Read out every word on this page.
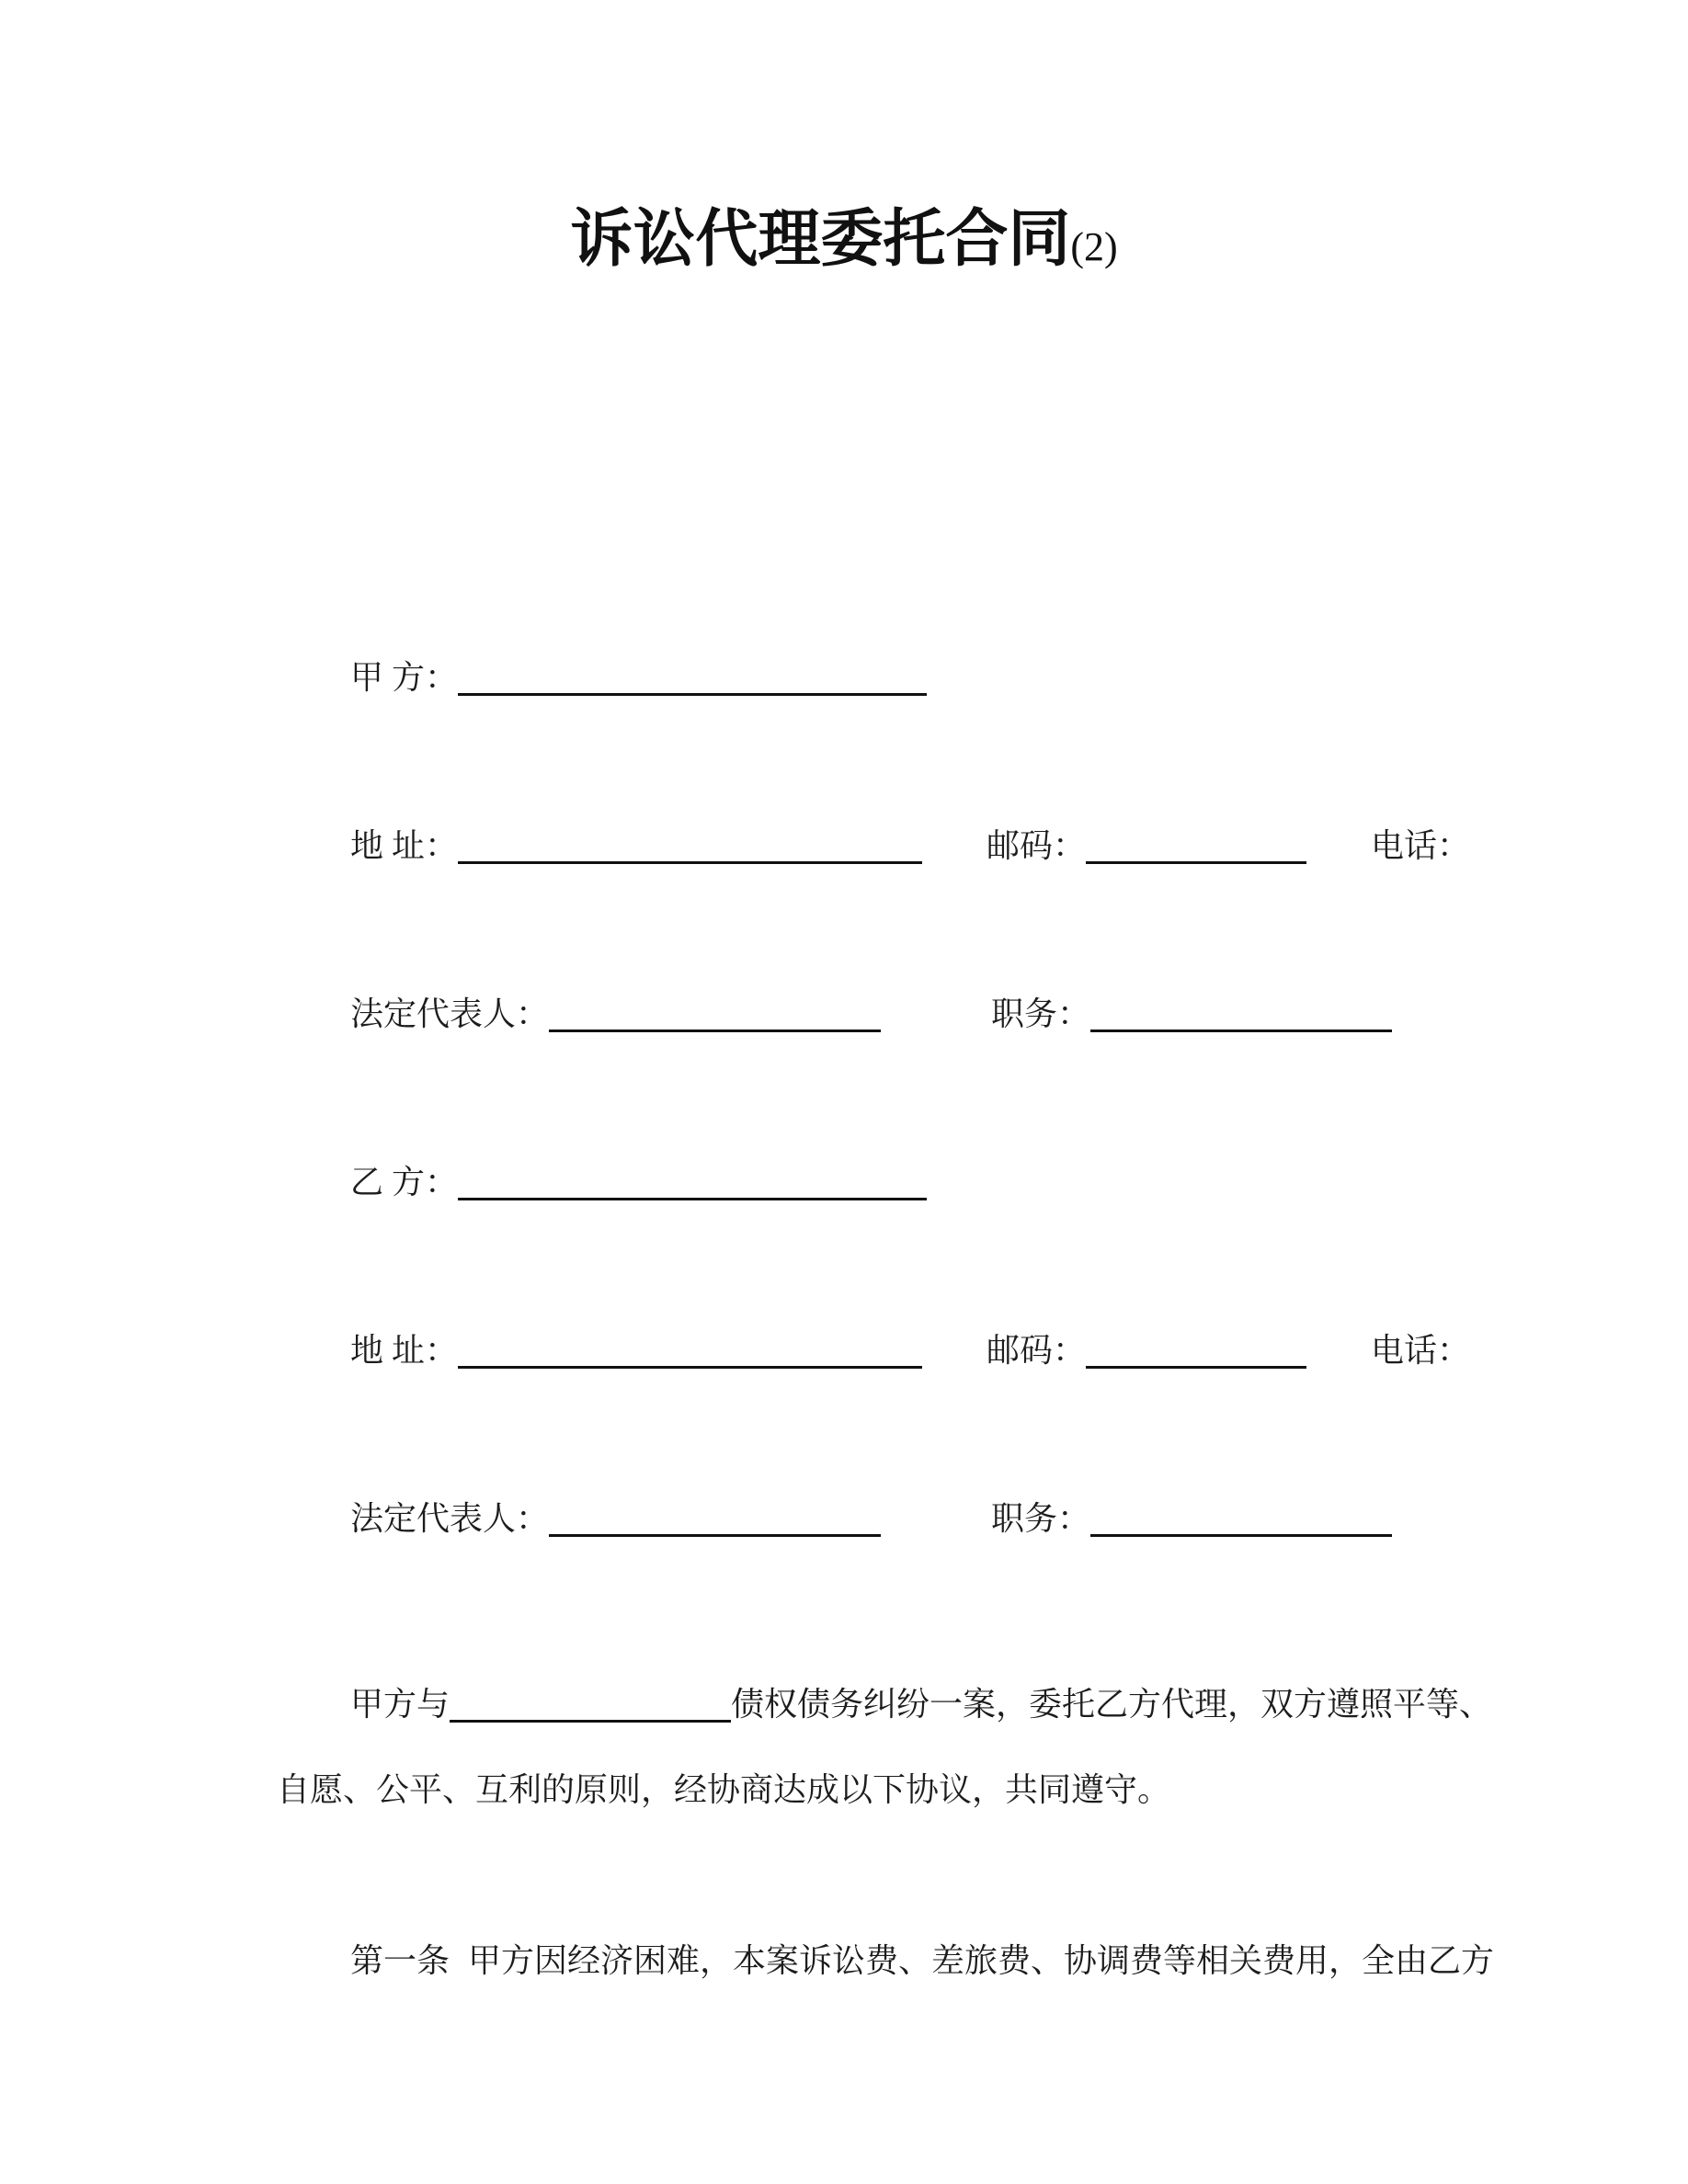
诉讼代理委托合同(2)

甲 方：

地 址：	邮码：	电话：

法定代表人：	职务：

乙 方：

地 址：	邮码：	电话：

法定代表人：	职务：

甲方与	债权债务纠纷一案，委托乙方代理，双方遵照平等、

自愿、公平、互利的原则，经协商达成以下协议，共同遵守。

第一条 甲方因经济困难，本案诉讼费、差旅费、协调费等相关费用，全由乙方
